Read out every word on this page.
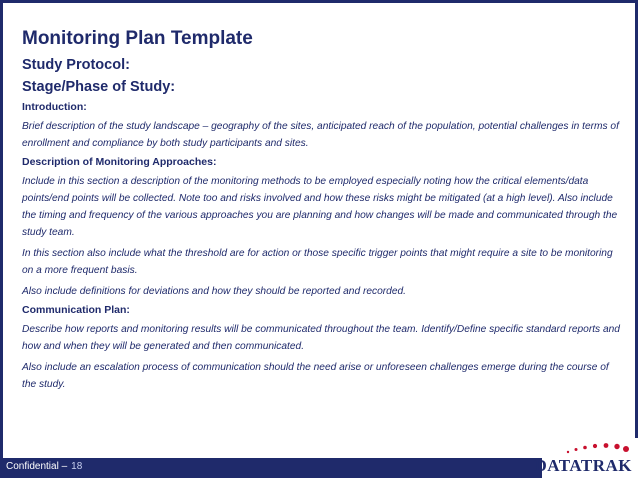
Monitoring Plan Template
Study Protocol:
Stage/Phase of Study:
Introduction:

Brief description of the study landscape – geography of the sites, anticipated reach of the population, potential challenges in terms of enrollment and compliance by both study participants and sites.

Description of Monitoring Approaches:

Include in this section a description of the monitoring methods to be employed especially noting how the critical elements/data points/end points will be collected. Note too and risks involved and how these risks might be mitigated (at a high level). Also include the timing and frequency of the various approaches you are planning and how changes will be made and communicated through the study team.

In this section also include what the threshold are for action or those specific trigger points that might require a site to be monitoring on a more frequent basis.

Also include definitions for deviations and how they should be reported and recorded.

Communication Plan:

Describe how reports and monitoring results will be communicated throughout the team. Identify/Define specific standard reports and how and when they will be generated and then communicated.

Also include an escalation process of communication should the need arise or unforeseen challenges emerge during the course of the study.

Confidential – 18	DATATRAK
